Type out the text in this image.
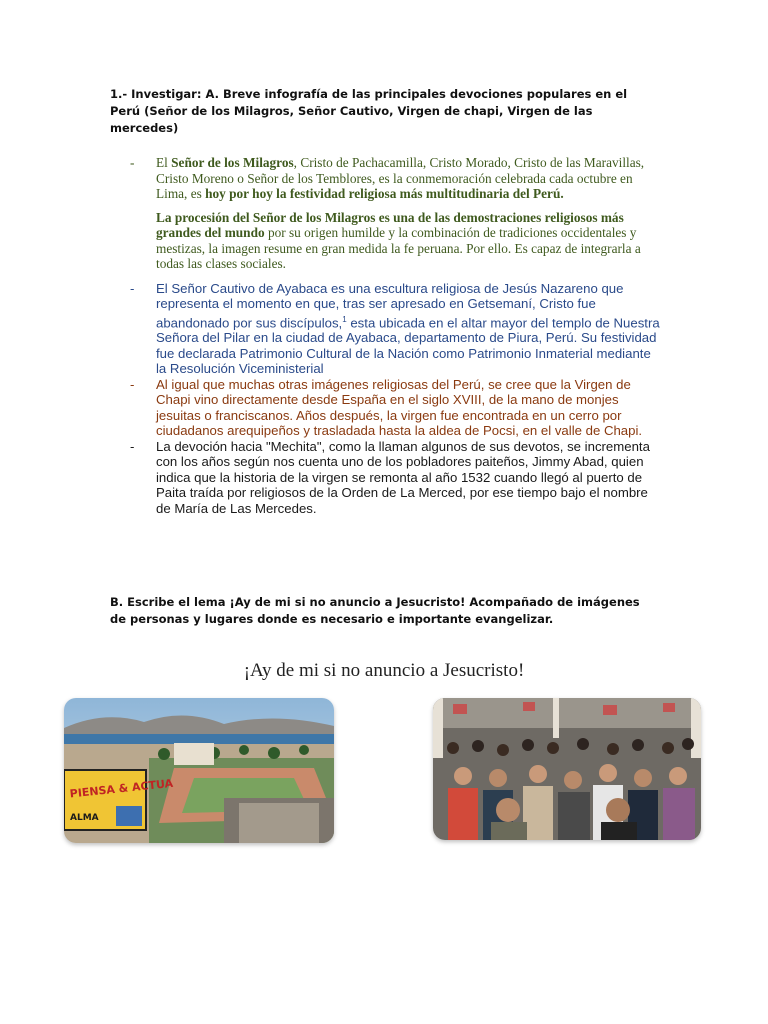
1.- Investigar: A. Breve infografía de las principales devociones populares en el Perú (Señor de los Milagros, Señor Cautivo, Virgen de chapi, Virgen de las mercedes)
- El Señor de los Milagros, Cristo de Pachacamilla, Cristo Morado, Cristo de las Maravillas, Cristo Moreno o Señor de los Temblores, es la conmemoración celebrada cada octubre en Lima, es hoy por hoy la festividad religiosa más multitudinaria del Perú.

La procesión del Señor de los Milagros es una de las demostraciones religiosos más grandes del mundo por su origen humilde y la combinación de tradiciones occidentales y mestizas, la imagen resume en gran medida la fe peruana. Por ello. Es capaz de integrarla a todas las clases sociales.

- El Señor Cautivo de Ayabaca es una escultura religiosa de Jesús Nazareno que representa el momento en que, tras ser apresado en Getsemaní, Cristo fue abandonado por sus discípulos,$^1$ esta ubicada en el altar mayor del templo de Nuestra Señora del Pilar en la ciudad de Ayabaca, departamento de Piura, Perú. Su festividad fue declarada Patrimonio Cultural de la Nación como Patrimonio Inmaterial mediante la Resolución Viceministerial
- Al igual que muchas otras imágenes religiosas del Perú, se cree que la Virgen de Chapi vino directamente desde España en el siglo XVIII, de la mano de monjes jesuitas o franciscanos. Años después, la virgen fue encontrada en un cerro por ciudadanos arequipeños y trasladada hasta la aldea de Pocsi, en el valle de Chapi.
- La devoción hacia "Mechita", como la llaman algunos de sus devotos, se incrementa con los años según nos cuenta uno de los pobladores paiteños, Jimmy Abad, quien indica que la historia de la virgen se remonta al año 1532 cuando llegó al puerto de Paita traída por religiosos de la Orden de La Merced, por ese tiempo bajo el nombre de María de Las Mercedes.
B. Escribe el lema ¡Ay de mi si no anuncio a Jesucristo! Acompañado de imágenes de personas y lugares donde es necesario e importante evangelizar.
¡Ay de mi si no anuncio a Jesucristo!
PIENSA & ACTUA
ALMA
